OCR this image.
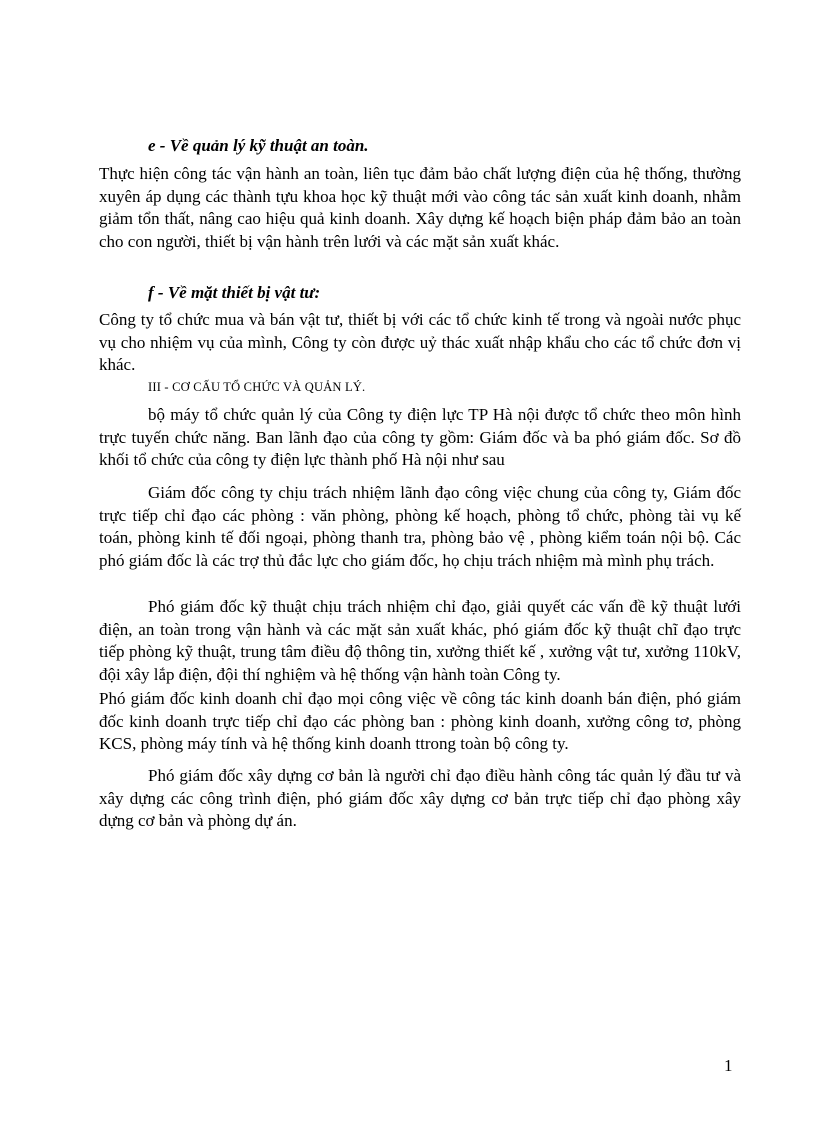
e - Về quản lý kỹ thuật an toàn.

Thực hiện công tác vận hành an toàn, liên tục đảm bảo chất lượng điện của hệ thống, thường xuyên áp dụng các thành tựu khoa học kỹ thuật mới vào công tác sản xuất kinh doanh, nhằm giảm tổn thất, nâng cao hiệu quả kinh doanh. Xây dựng kế hoạch biện pháp đảm bảo an toàn cho con người, thiết bị vận hành trên lưới và các mặt sản xuất khác.

f - Về mặt thiết bị vật tư:

Công ty tổ chức mua và bán vật tư, thiết bị với các tổ chức kinh tế trong và ngoài nước phục vụ cho nhiệm vụ của mình, Công ty còn được uỷ thác xuất nhập khẩu cho các tổ chức đơn vị khác.

III - CƠ CẤU TỔ CHỨC VÀ QUẢN LÝ.

bộ máy tổ chức quản lý của Công ty điện lực TP Hà nội được tổ chức theo môn hình trực tuyến chức năng. Ban lãnh đạo của công ty gồm: Giám đốc và ba phó giám đốc. Sơ đồ khối tổ chức của công ty điện lực thành phố Hà nội như sau

Giám đốc công ty chịu trách nhiệm lãnh đạo công việc chung của công ty, Giám đốc trực tiếp chỉ đạo các phòng : văn phòng, phòng kế hoạch, phòng tổ chức, phòng tài vụ kế toán, phòng kinh tế đối ngoại, phòng thanh tra, phòng bảo vệ , phòng kiểm toán nội bộ. Các phó giám đốc là các trợ thủ đắc lực cho giám đốc, họ chịu trách nhiệm mà mình phụ trách.

Phó giám đốc kỹ thuật chịu trách nhiệm chỉ đạo, giải quyết các vấn đề kỹ thuật lưới điện, an toàn trong vận hành và các mặt sản xuất khác, phó giám đốc kỹ thuật chĩ đạo trực tiếp phòng kỹ thuật, trung tâm điều độ thông tin, xưởng thiết kế , xưởng vật tư, xưởng 110kV, đội xây lắp điện, đội thí nghiệm và hệ thống vận hành toàn Công ty.

Phó giám đốc kinh doanh chỉ đạo mọi công việc về công tác kinh doanh bán điện, phó giám đốc kinh doanh trực tiếp chỉ đạo các phòng ban : phòng kinh doanh, xưởng công tơ, phòng KCS, phòng máy tính và hệ thống kinh doanh ttrong toàn bộ công ty.

Phó giám đốc xây dựng cơ bản là người chỉ đạo điều hành công tác quản lý đầu tư và xây dựng các công trình điện, phó giám đốc xây dựng cơ bản trực tiếp chỉ đạo phòng xây dựng cơ bản và phòng dự án.

1
